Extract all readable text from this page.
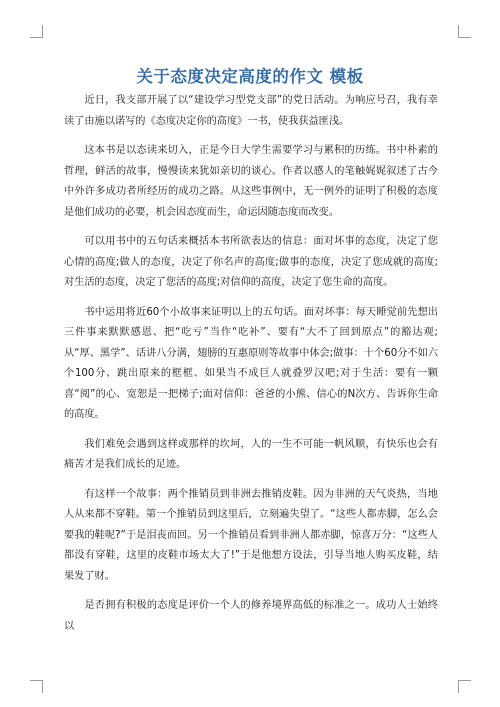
关于态度决定高度的作文 模板

近日，我支部开展了以“建设学习型党支部”的党日活动。为响应号召，我有幸读了由施以诺写的《态度决定你的高度》一书，使我获益匪浅。

这本书是以态读来切入，正是今日大学生需要学习与累积的历练。书中朴素的哲理，鲜活的故事，慢慢读来犹如亲切的谈心。作者以感人的笔触娓娓叙述了古今中外许多成功者所经历的成功之路。从这些事例中，无一例外的证明了积极的态度是他们成功的必要，机会因态度而生，命运因随态度而改变。

可以用书中的五句话来概括本书所欲表达的信息：面对坏事的态度，决定了您心情的高度;做人的态度，决定了你名声的高度;做事的态度，决定了您成就的高度;对生活的态度，决定了您活的高度;对信仰的高度，决定了您生命的高度。

书中运用将近60个小故事来证明以上的五句话。面对坏事：每天睡觉前先想出三件事来默默感恩、把“吃亏”当作“吃补”、要有“大不了回到原点”的豁达观;从“厚、黑学”、话讲八分满，翅膀的互惠原则等故事中体会;做事：十个60分不如六个100分、跳出原来的框框、如果当不成巨人就叠罗汉吧;对于生活：要有一颗喜“阅”的心、宽恕是一把梯子;面对信仰：爸爸的小熊、信心的N次方、告诉你生命的高度。

我们难免会遇到这样或那样的坎坷，人的一生不可能一帆风顺，有快乐也会有痛苦才是我们成长的足迹。

有这样一个故事：两个推销员到非洲去推销皮鞋。因为非洲的天气炎热，当地人从来都不穿鞋。第一个推销员到这里后，立刻遍失望了。“这些人都赤脚，怎么会要我的鞋呢?”于是泪丧而回。另一个推销员看到非洲人都赤脚，惊喜万分：“这些人都没有穿鞋，这里的皮鞋市场太大了!”于是他想方设法，引导当地人购买皮鞋，结果发了财。

是否拥有积极的态度是评价一个人的修养境界高低的标准之一。成功人士始终以
